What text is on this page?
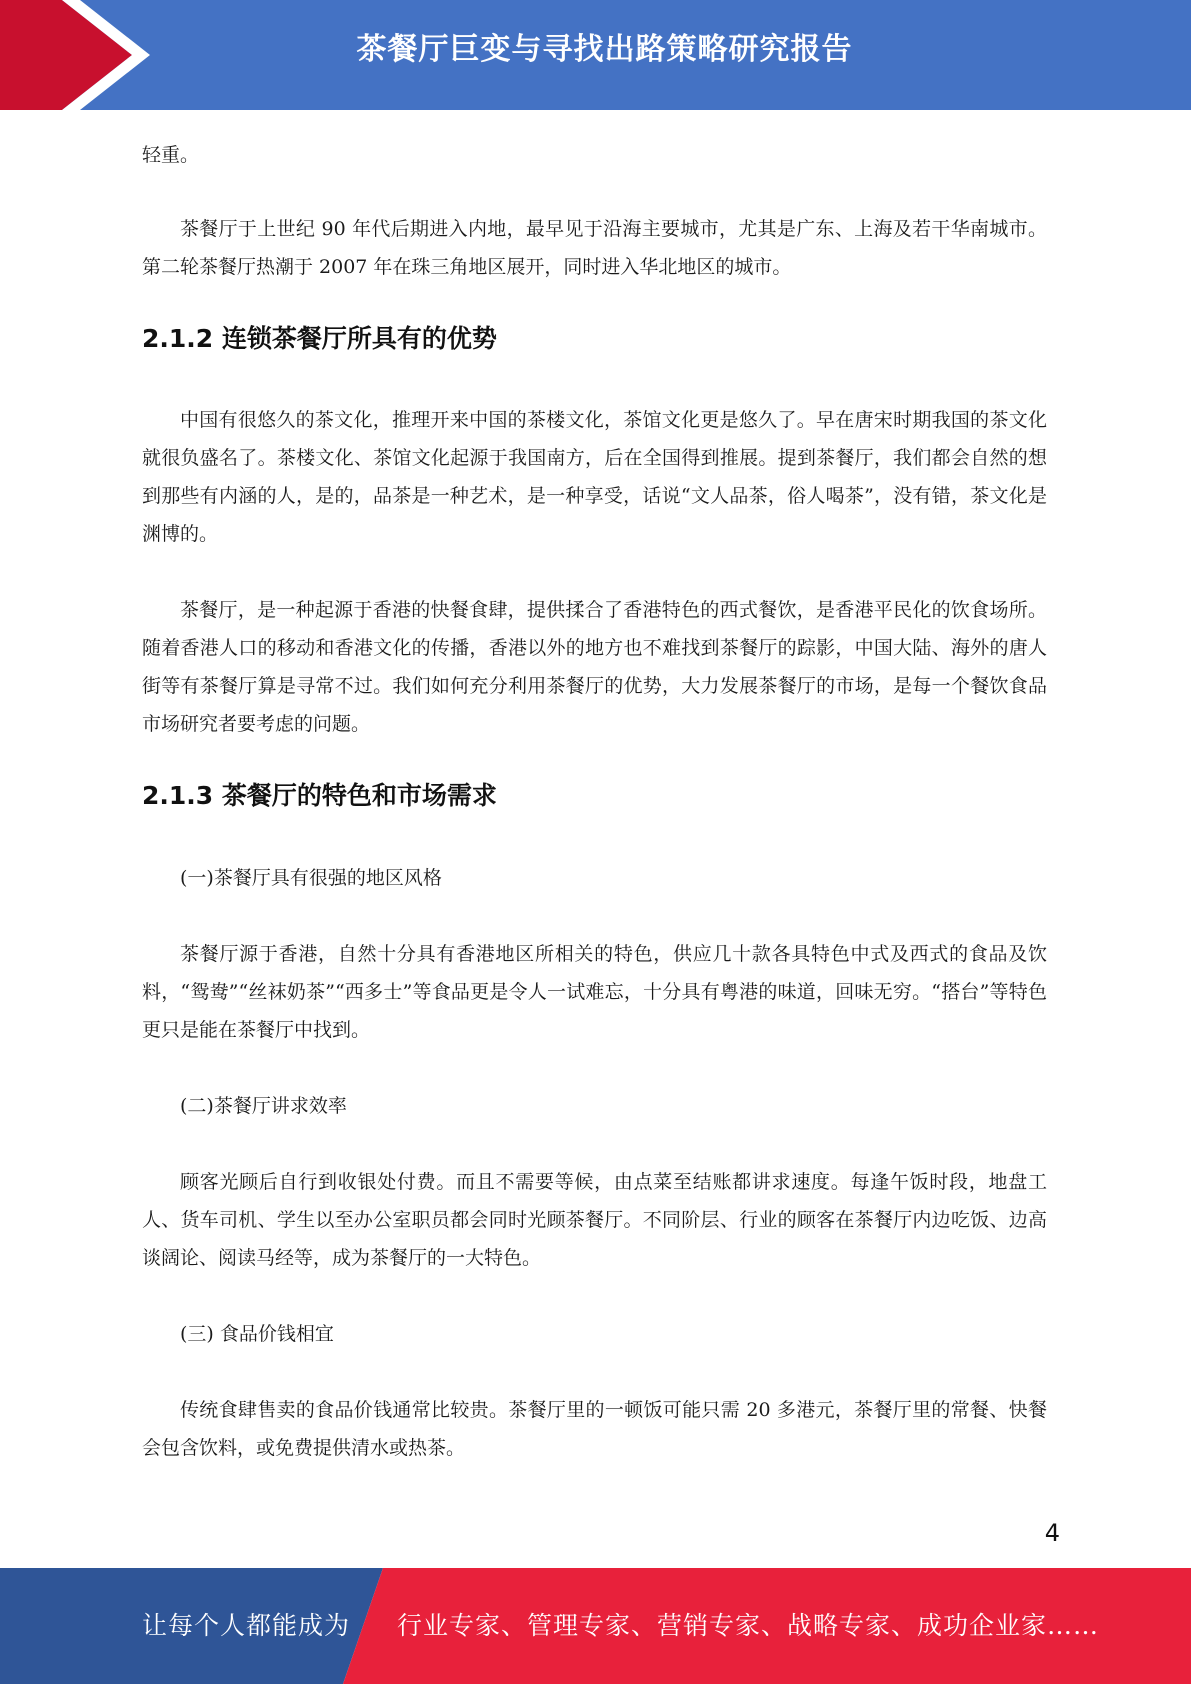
茶餐厅巨变与寻找出路策略研究报告

轻重。

茶餐厅于上世纪 90 年代后期进入内地，最早见于沿海主要城市，尤其是广东、上海及若干华南城市。第二轮茶餐厅热潮于 2007 年在珠三角地区展开，同时进入华北地区的城市。

2.1.2 连锁茶餐厅所具有的优势

中国有很悠久的茶文化，推理开来中国的茶楼文化，茶馆文化更是悠久了。早在唐宋时期我国的茶文化就很负盛名了。茶楼文化、茶馆文化起源于我国南方，后在全国得到推展。提到茶餐厅，我们都会自然的想到那些有内涵的人，是的，品茶是一种艺术，是一种享受，话说“文人品茶，俗人喝茶”，没有错，茶文化是渊博的。

茶餐厅，是一种起源于香港的快餐食肆，提供揉合了香港特色的西式餐饮，是香港平民化的饮食场所。随着香港人口的移动和香港文化的传播，香港以外的地方也不难找到茶餐厅的踪影，中国大陆、海外的唐人街等有茶餐厅算是寻常不过。我们如何充分利用茶餐厅的优势，大力发展茶餐厅的市场，是每一个餐饮食品市场研究者要考虑的问题。

2.1.3 茶餐厅的特色和市场需求

(一)茶餐厅具有很强的地区风格

茶餐厅源于香港，自然十分具有香港地区所相关的特色，供应几十款各具特色中式及西式的食品及饮料，“鸳鸯”“丝袜奶茶”“西多士”等食品更是令人一试难忘，十分具有粤港的味道，回味无穷。“搭台”等特色更只是能在茶餐厅中找到。

(二)茶餐厅讲求效率

顾客光顾后自行到收银处付费。而且不需要等候，由点菜至结账都讲求速度。每逢午饭时段，地盘工人、货车司机、学生以至办公室职员都会同时光顾茶餐厅。不同阶层、行业的顾客在茶餐厅内边吃饭、边高谈阔论、阅读马经等，成为茶餐厅的一大特色。

(三) 食品价钱相宜

传统食肆售卖的食品价钱通常比较贵。茶餐厅里的一顿饭可能只需 20 多港元，茶餐厅里的常餐、快餐会包含饮料，或免费提供清水或热茶。

4
让每个人都能成为 行业专家、管理专家、营销专家、战略专家、成功企业家……
